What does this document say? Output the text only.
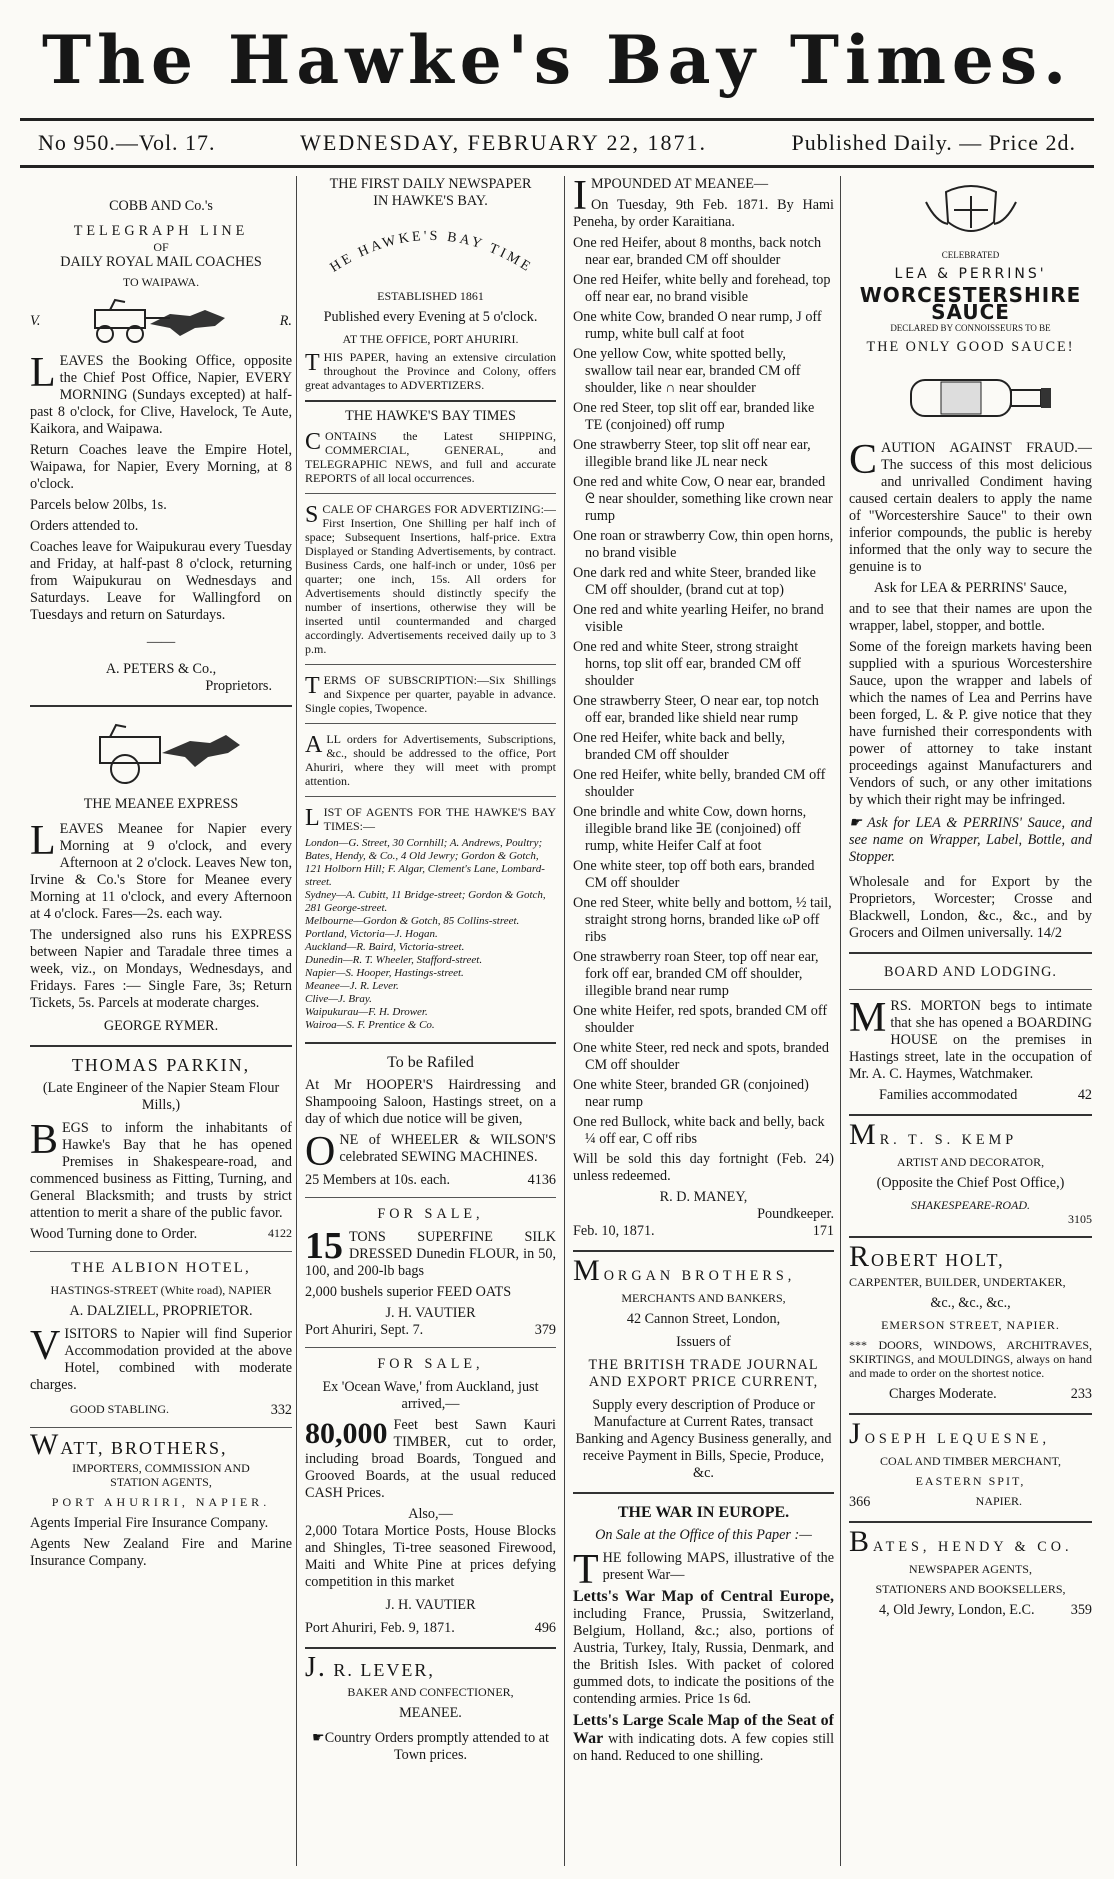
The Hawke's Bay Times.
No 950.—Vol. 17.	WEDNESDAY, FEBRUARY 22, 1871.	Published Daily. — Price 2d.
COBB AND Co.'s
TELEGRAPH LINE
OF
DAILY ROYAL MAIL COACHES
TO WAIPAWA.
V.	R.

LEAVES the Booking Office, opposite the Chief Post Office, Napier, EVERY MORNING (Sundays excepted) at half-past 8 o'clock, for Clive, Havelock, Te Aute, Kaikora, and Waipawa.

Return Coaches leave the Empire Hotel, Waipawa, for Napier, Every Morning, at 8 o'clock.

Parcels below 20lbs, 1s.

Orders attended to.

Coaches leave for Waipukurau every Tuesday and Friday, at half-past 8 o'clock, returning from Waipukurau on Wednesdays and Saturdays. Leave for Wallingford on Tuesdays and return on Saturdays.

——
A. PETERS & Co.,
Proprietors.
THE MEANEE EXPRESS

LEAVES Meanee for Napier every Morning at 9 o'clock, and every Afternoon at 2 o'clock. Leaves New ton, Irvine & Co.'s Store for Meanee every Morning at 11 o'clock, and every Afternoon at 4 o'clock. Fares—2s. each way.

The undersigned also runs his EXPRESS between Napier and Taradale three times a week, viz., on Mondays, Wednesdays, and Fridays. Fares :— Single Fare, 3s; Return Tickets, 5s. Parcels at moderate charges.

GEORGE RYMER.
THOMAS PARKIN,
(Late Engineer of the Napier Steam Flour Mills,)

BEGS to inform the inhabitants of Hawke's Bay that he has opened Premises in Shakespeare-road, and commenced business as Fitting, Turning, and General Blacksmith; and trusts by strict attention to merit a share of the public favor.

Wood Turning done to Order.	4122
THE ALBION HOTEL,
HASTINGS-STREET (White road), NAPIER
A. DALZIELL, PROPRIETOR.

VISITORS to Napier will find Superior Accommodation provided at the above Hotel, combined with moderate charges.

GOOD STABLING.	332
WATT, BROTHERS,
IMPORTERS, COMMISSION AND
STATION AGENTS,
PORT AHURIRI, NAPIER.

Agents Imperial Fire Insurance Company.

Agents New Zealand Fire and Marine Insurance Company.

THE FIRST DAILY NEWSPAPER
IN HAWKE'S BAY.
HE HAWKE'S BAY TIME
ESTABLISHED 1861
Published every Evening at 5 o'clock.
AT THE OFFICE, PORT AHURIRI.

THIS PAPER, having an extensive circulation throughout the Province and Colony, offers great advantages to ADVERTIZERS.

THE HAWKE'S BAY TIMES

CONTAINS the Latest SHIPPING, COMMERCIAL, GENERAL, and TELEGRAPHIC NEWS, and full and accurate REPORTS of all local occurrences.

SCALE OF CHARGES FOR ADVERTIZING:— First Insertion, One Shilling per half inch of space; Subsequent Insertions, half-price. Extra Displayed or Standing Advertisements, by contract. Business Cards, one half-inch or under, 10s6 per quarter; one inch, 15s. All orders for Advertisements should distinctly specify the number of insertions, otherwise they will be inserted until countermanded and charged accordingly. Advertisements received daily up to 3 p.m.

TERMS OF SUBSCRIPTION:—Six Shillings and Sixpence per quarter, payable in advance. Single copies, Twopence.

ALL orders for Advertisements, Subscriptions, &c., should be addressed to the office, Port Ahuriri, where they will meet with prompt attention.

LIST OF AGENTS FOR THE HAWKE'S BAY TIMES:—

London—G. Street, 30 Cornhill; A. Andrews, Poultry; Bates, Hendy, & Co., 4 Old Jewry; Gordon & Gotch, 121 Holborn Hill; F. Algar, Clement's Lane, Lombard-street.
Sydney—A. Cubitt, 11 Bridge-street; Gordon & Gotch, 281 George-street.
Melbourne—Gordon & Gotch, 85 Collins-street.
Portland, Victoria—J. Hogan.
Auckland—R. Baird, Victoria-street.
Dunedin—R. T. Wheeler, Stafford-street.
Napier—S. Hooper, Hastings-street.
Meanee—J. R. Lever.
Clive—J. Bray.
Waipukurau—F. H. Drower.
Wairoa—S. F. Prentice & Co.
To be Rafiled

At Mr HOOPER'S Hairdressing and Shampooing Saloon, Hastings street, on a day of which due notice will be given,

ONE of WHEELER & WILSON'S celebrated SEWING MACHINES.

25 Members at 10s. each.	4136
FOR SALE,

15 TONS SUPERFINE SILK DRESSED Dunedin FLOUR, in 50, 100, and 200-lb bags

2,000 bushels superior FEED OATS

J. H. VAUTIER
Port Ahuriri, Sept. 7.	379
FOR SALE,

Ex 'Ocean Wave,' from Auckland, just arrived,—

80,000 Feet best Sawn Kauri TIMBER, cut to order, including broad Boards, Tongued and Grooved Boards, at the usual reduced CASH Prices.

Also,—

2,000 Totara Mortice Posts, House Blocks and Shingles, Ti-tree seasoned Firewood, Maiti and White Pine at prices defying competition in this market

J. H. VAUTIER
Port Ahuriri, Feb. 9, 1871.	496
J. R. LEVER,
BAKER AND CONFECTIONER,
MEANEE.

☛Country Orders promptly attended to at Town prices.

IMPOUNDED AT MEANEE—

On Tuesday, 9th Feb. 1871. By Hami Peneha, by order Karaitiana.

One red Heifer, about 8 months, back notch near ear, branded CM off shoulder
One red Heifer, white belly and forehead, top off near ear, no brand visible
One white Cow, branded O near rump, J off rump, white bull calf at foot
One yellow Cow, white spotted belly, swallow tail near ear, branded CM off shoulder, like ∩ near shoulder
One red Steer, top slit off ear, branded like TE (conjoined) off rump
One strawberry Steer, top slit off near ear, illegible brand like JL near neck
One red and white Cow, O near ear, branded ᘓ near shoulder, something like crown near rump
One roan or strawberry Cow, thin open horns, no brand visible
One dark red and white Steer, branded like CM off shoulder, (brand cut at top)
One red and white yearling Heifer, no brand visible
One red and white Steer, strong straight horns, top slit off ear, branded CM off shoulder
One strawberry Steer, O near ear, top notch off ear, branded like shield near rump
One red Heifer, white back and belly, branded CM off shoulder
One red Heifer, white belly, branded CM off shoulder
One brindle and white Cow, down horns, illegible brand like ∃E (conjoined) off rump, white Heifer Calf at foot
One white steer, top off both ears, branded CM off shoulder
One red Steer, white belly and bottom, ½ tail, straight strong horns, branded like ωP off ribs
One strawberry roan Steer, top off near ear, fork off ear, branded CM off shoulder, illegible brand near rump
One white Heifer, red spots, branded CM off shoulder
One white Steer, red neck and spots, branded CM off shoulder
One white Steer, branded GR (conjoined) near rump
One red Bullock, white back and belly, back ¼ off ear, C off ribs

Will be sold this day fortnight (Feb. 24) unless redeemed.

R. D. MANEY,
Poundkeeper.
Feb. 10, 1871.	171
MORGAN BROTHERS,
MERCHANTS AND BANKERS,
42 Cannon Street, London,
Issuers of
THE BRITISH TRADE JOURNAL
AND EXPORT PRICE CURRENT,

Supply every description of Produce or Manufacture at Current Rates, transact Banking and Agency Business generally, and receive Payment in Bills, Specie, Produce, &c.

THE WAR IN EUROPE.
On Sale at the Office of this Paper :—

THE following MAPS, illustrative of the present War—

Letts's War Map of Central Europe, including France, Prussia, Switzerland, Belgium, Holland, &c.; also, portions of Austria, Turkey, Italy, Russia, Denmark, and the British Isles. With packet of colored gummed dots, to indicate the positions of the contending armies. Price 1s 6d.

Letts's Large Scale Map of the Seat of War with indicating dots. A few copies still on hand. Reduced to one shilling.

CELEBRATED
LEA & PERRINS'
WORCESTERSHIRE SAUCE
DECLARED BY CONNOISSEURS TO BE
THE ONLY GOOD SAUCE!

CAUTION AGAINST FRAUD.— The success of this most delicious and unrivalled Condiment having caused certain dealers to apply the name of "Worcestershire Sauce" to their own inferior compounds, the public is hereby informed that the only way to secure the genuine is to

Ask for LEA & PERRINS' Sauce,

and to see that their names are upon the wrapper, label, stopper, and bottle.

Some of the foreign markets having been supplied with a spurious Worcestershire Sauce, upon the wrapper and labels of which the names of Lea and Perrins have been forged, L. & P. give notice that they have furnished their correspondents with power of attorney to take instant proceedings against Manufacturers and Vendors of such, or any other imitations by which their right may be infringed.

☛ Ask for LEA & PERRINS' Sauce, and see name on Wrapper, Label, Bottle, and Stopper.

Wholesale and for Export by the Proprietors, Worcester; Crosse and Blackwell, London, &c., &c., and by Grocers and Oilmen universally. 14/2

BOARD AND LODGING.

MRS. MORTON begs to intimate that she has opened a BOARDING HOUSE on the premises in Hastings street, late in the occupation of Mr. A. C. Haymes, Watchmaker.

Families accommodated	42
MR. T. S. KEMP
ARTIST AND DECORATOR,
(Opposite the Chief Post Office,)
SHAKESPEARE-ROAD.
3105
ROBERT HOLT,
CARPENTER, BUILDER, UNDERTAKER,
&c., &c., &c.,
EMERSON STREET, NAPIER.

*** DOORS, WINDOWS, ARCHITRAVES, SKIRTINGS, and MOULDINGS, always on hand and made to order on the shortest notice.

Charges Moderate.	233
JOSEPH LEQUESNE,
COAL AND TIMBER MERCHANT,
EASTERN SPIT,
366	NAPIER.
BATES, HENDY & CO.
NEWSPAPER AGENTS,
STATIONERS AND BOOKSELLERS,
4, Old Jewry, London, E.C.	359
